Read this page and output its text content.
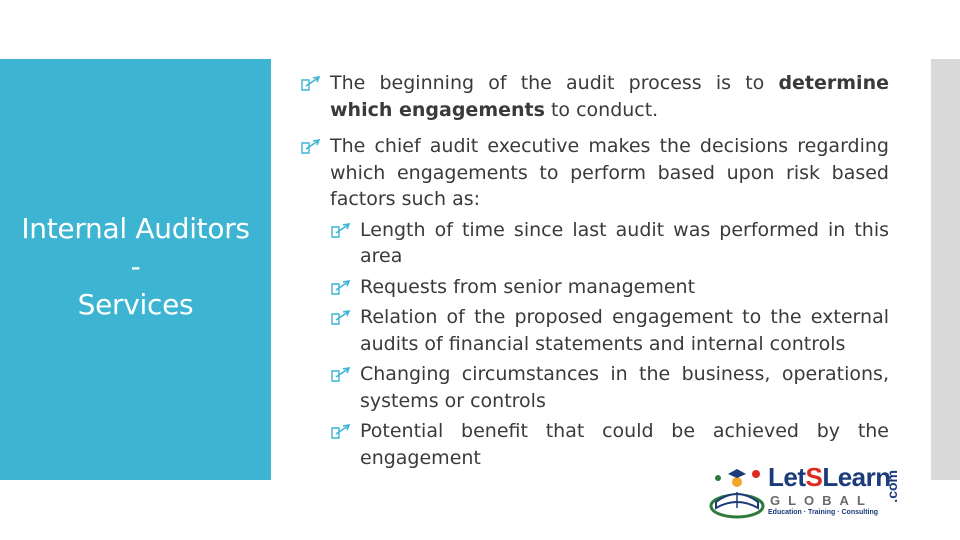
Internal Auditors
-
Services
The beginning of the audit process is to determine which engagements to conduct.
The chief audit executive makes the decisions regarding which engagements to perform based upon risk based factors such as:
Length of time since last audit was performed in this area
Requests from senior management
Relation of the proposed engagement to the external audits of financial statements and internal controls
Changing circumstances in the business, operations, systems or controls
Potential benefit that could be achieved by the engagement
LetSLearn
GLOBAL
Education · Training · Consulting
.com
